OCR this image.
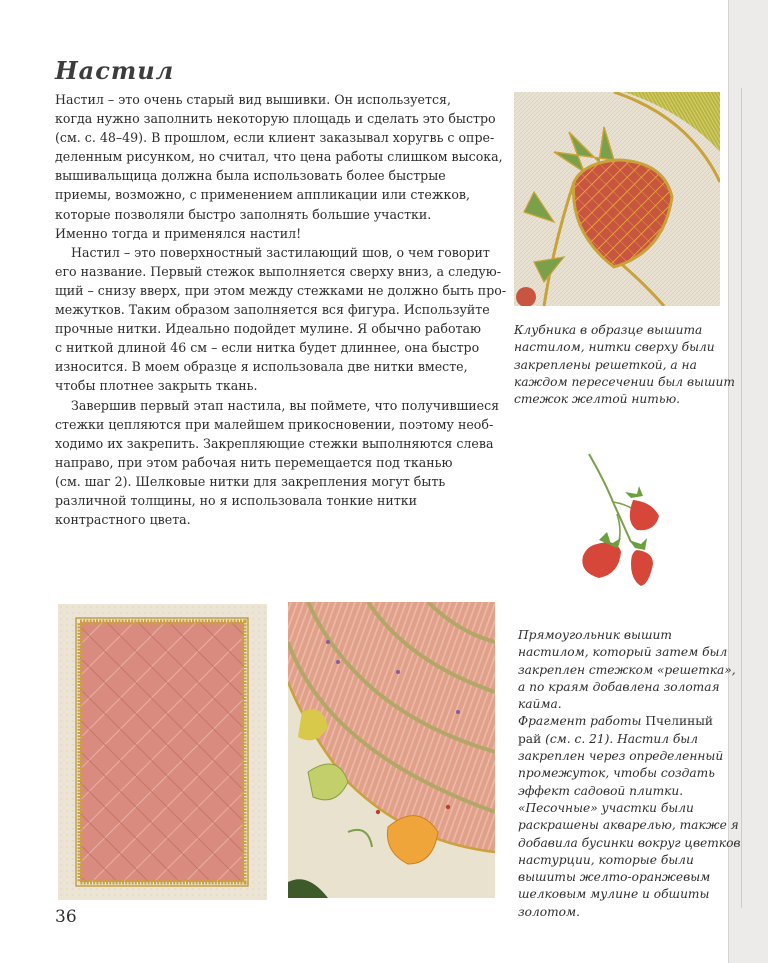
Настил
Настил – это очень старый вид вышивки. Он используется,
когда нужно заполнить некоторую площадь и сделать это быстро
(см. с. 48–49). В прошлом, если клиент заказывал хоругвь с опре-
деленным рисунком, но считал, что цена работы слишком высока,
вышивальщица должна была использовать более быстрые
приемы, возможно, с применением аппликации или стежков,
которые позволяли быстро заполнять большие участки.
Именно тогда и применялся настил!
Настил – это поверхностный застилающий шов, о чем говорит
его название. Первый стежок выполняется сверху вниз, а следую-
щий – снизу вверх, при этом между стежками не должно быть про-
межутков. Таким образом заполняется вся фигура. Используйте
прочные нитки. Идеально подойдет мулине. Я обычно работаю
с ниткой длиной 46 см – если нитка будет длиннее, она быстро
износится. В моем образце я использовала две нитки вместе,
чтобы плотнее закрыть ткань.
Завершив первый этап настила, вы поймете, что получившиеся
стежки цепляются при малейшем прикосновении, поэтому необ-
ходимо их закрепить. Закрепляющие стежки выполняются слева
направо, при этом рабочая нить перемещается под тканью
(см. шаг 2). Шелковые нитки для закрепления могут быть
различной толщины, но я использовала тонкие нитки
контрастного цвета.
Клубника в образце вышита
настилом, нитки сверху были
закреплены решеткой, а на
каждом пересечении был вышит
стежок желтой нитью.
Прямоугольник вышит
настилом, который затем был
закреплен стежком «решетка»,
а по краям добавлена золотая
кайма.
Фрагмент работы Пчелиный
рай (см. с. 21). Настил был
закреплен через определенный
промежуток, чтобы создать
эффект садовой плитки.
«Песочные» участки были
раскрашены акварелью, также я
добавила бусинки вокруг цветков
настурции, которые были
вышиты желто-оранжевым
шелковым мулине и обшиты
золотом.
36
